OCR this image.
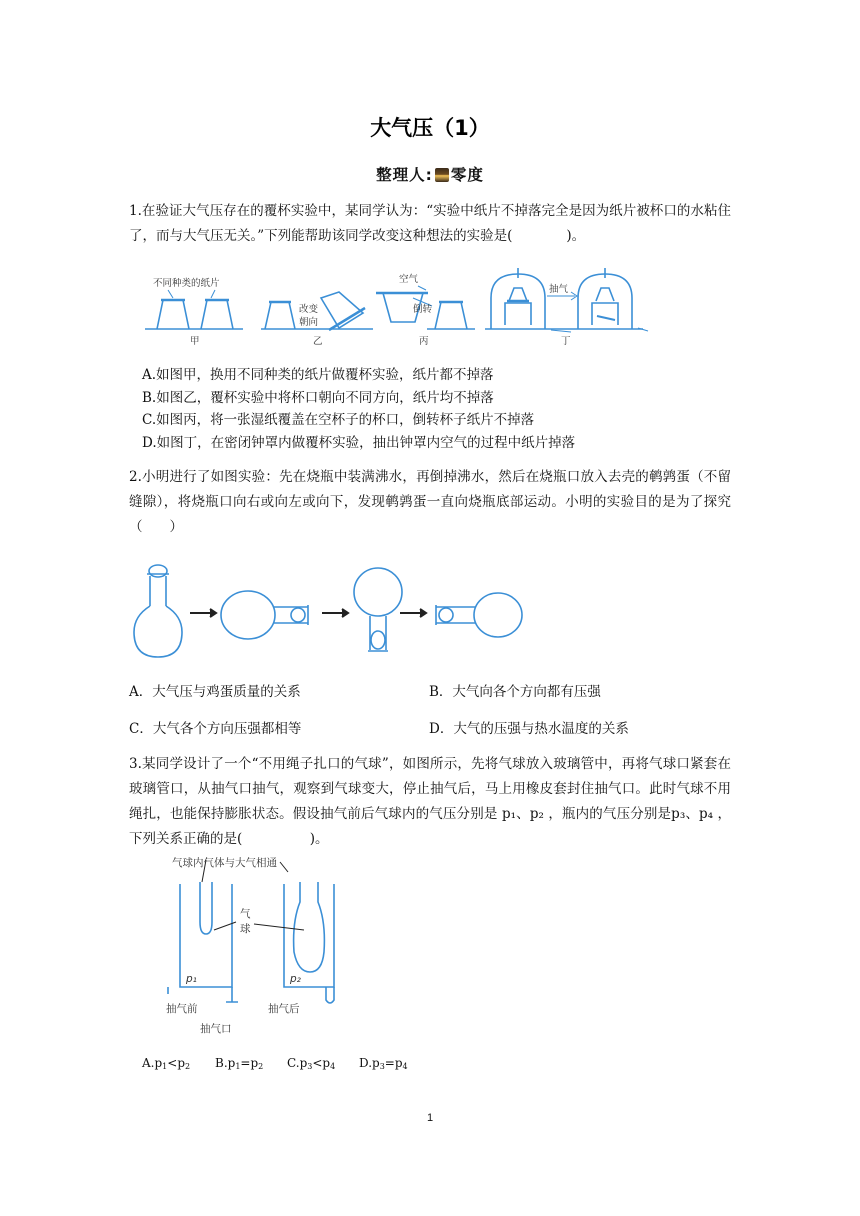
大气压（1）
整理人: 零度
1.在验证大气压存在的覆杯实验中，某同学认为：“实验中纸片不掉落完全是因为纸片被杯口的水粘住了，而与大气压无关。”下列能帮助该同学改变这种想法的实验是(　　　　)。
不同种类的纸片
改变
朝向
空气
倒转
抽气
甲	乙	丙	丁
A.如图甲，换用不同种类的纸片做覆杯实验，纸片都不掉落
B.如图乙，覆杯实验中将杯口朝向不同方向，纸片均不掉落
C.如图丙，将一张湿纸覆盖在空杯子的杯口，倒转杯子纸片不掉落
D.如图丁，在密闭钟罩内做覆杯实验，抽出钟罩内空气的过程中纸片掉落
2.小明进行了如图实验：先在烧瓶中装满沸水，再倒掉沸水，然后在烧瓶口放入去壳的鹌鹑蛋（不留缝隙），将烧瓶口向右或向左或向下，发现鹌鹑蛋一直向烧瓶底部运动。小明的实验目的是为了探究（　　）
A．大气压与鸡蛋质量的关系	B．大气向各个方向都有压强
C．大气各个方向压强都相等	D．大气的压强与热水温度的关系
3.某同学设计了一个“不用绳子扎口的气球”，如图所示，先将气球放入玻璃管中，再将气球口紧套在玻璃管口，从抽气口抽气，观察到气球变大，停止抽气后，马上用橡皮套封住抽气口。此时气球不用绳扎，也能保持膨胀状态。假设抽气前后气球内的气压分别是 p₁、p₂ ，瓶内的气压分别是p₃、p₄ ， 下列关系正确的是(　　　　　)。
气球内气体与大气相通
气
球
p₁	p₂
抽气前	抽气后
抽气口
$A.p_1<p_2$ $B.p_1=p_2$ $C.p_3<p_4$ $D.p_3=p_4$
1
